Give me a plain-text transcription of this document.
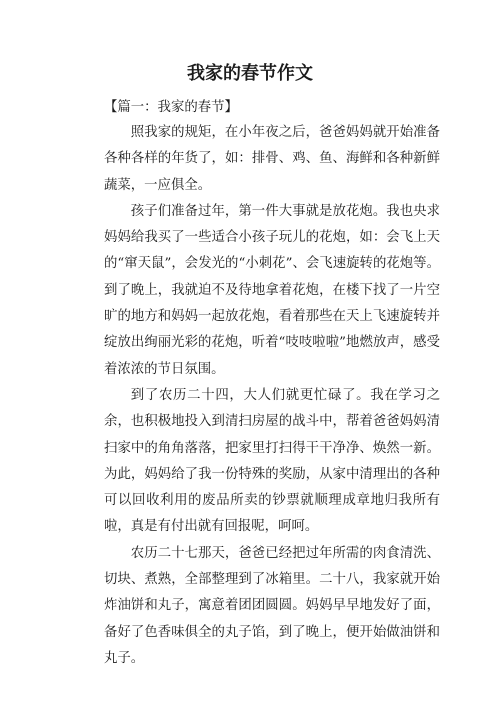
我家的春节作文

【篇一：我家的春节】

照我家的规矩，在小年夜之后，爸爸妈妈就开始准备各种各样的年货了，如：排骨、鸡、鱼、海鲜和各种新鲜蔬菜，一应俱全。

孩子们准备过年，第一件大事就是放花炮。我也央求妈妈给我买了一些适合小孩子玩儿的花炮，如：会飞上天的“窜天鼠”，会发光的“小刺花”、会飞速旋转的花炮等。到了晚上，我就迫不及待地拿着花炮，在楼下找了一片空旷的地方和妈妈一起放花炮，看着那些在天上飞速旋转并绽放出绚丽光彩的花炮，听着“吱吱啦啦”地燃放声，感受着浓浓的节日氛围。

到了农历二十四，大人们就更忙碌了。我在学习之余，也积极地投入到清扫房屋的战斗中，帮着爸爸妈妈清扫家中的角角落落，把家里打扫得干干净净、焕然一新。为此，妈妈给了我一份特殊的奖励，从家中清理出的各种可以回收利用的废品所卖的钞票就顺理成章地归我所有啦，真是有付出就有回报呢，呵呵。

农历二十七那天，爸爸已经把过年所需的肉食清洗、切块、煮熟，全部整理到了冰箱里。二十八，我家就开始炸油饼和丸子，寓意着团团圆圆。妈妈早早地发好了面，备好了色香味俱全的丸子馅，到了晚上，便开始做油饼和丸子。
